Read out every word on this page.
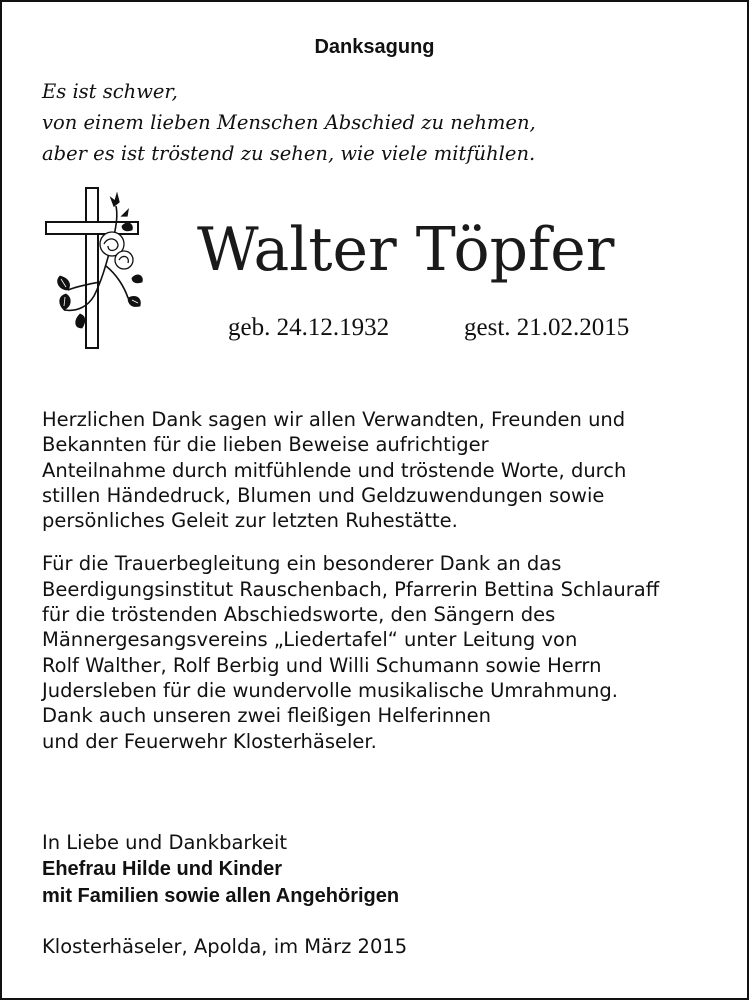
Danksagung
Es ist schwer,
von einem lieben Menschen Abschied zu nehmen,
aber es ist tröstend zu sehen, wie viele mitfühlen.
Walter Töpfer
geb. 24.12.1932	gest. 21.02.2015
Herzlichen Dank sagen wir allen Verwandten, Freunden und
Bekannten für die lieben Beweise aufrichtiger
Anteilnahme durch mitfühlende und tröstende Worte, durch
stillen Händedruck, Blumen und Geldzuwendungen sowie
persönliches Geleit zur letzten Ruhestätte.
Für die Trauerbegleitung ein besonderer Dank an das
Beerdigungsinstitut Rauschenbach, Pfarrerin Bettina Schlauraff
für die tröstenden Abschiedsworte, den Sängern des
Männergesangsvereins „Liedertafel“ unter Leitung von
Rolf Walther, Rolf Berbig und Willi Schumann sowie Herrn
Judersleben für die wundervolle musikalische Umrahmung.
Dank auch unseren zwei fleißigen Helferinnen
und der Feuerwehr Klosterhäseler.
In Liebe und Dankbarkeit
Ehefrau Hilde und Kinder
mit Familien sowie allen Angehörigen
Klosterhäseler, Apolda, im März 2015
